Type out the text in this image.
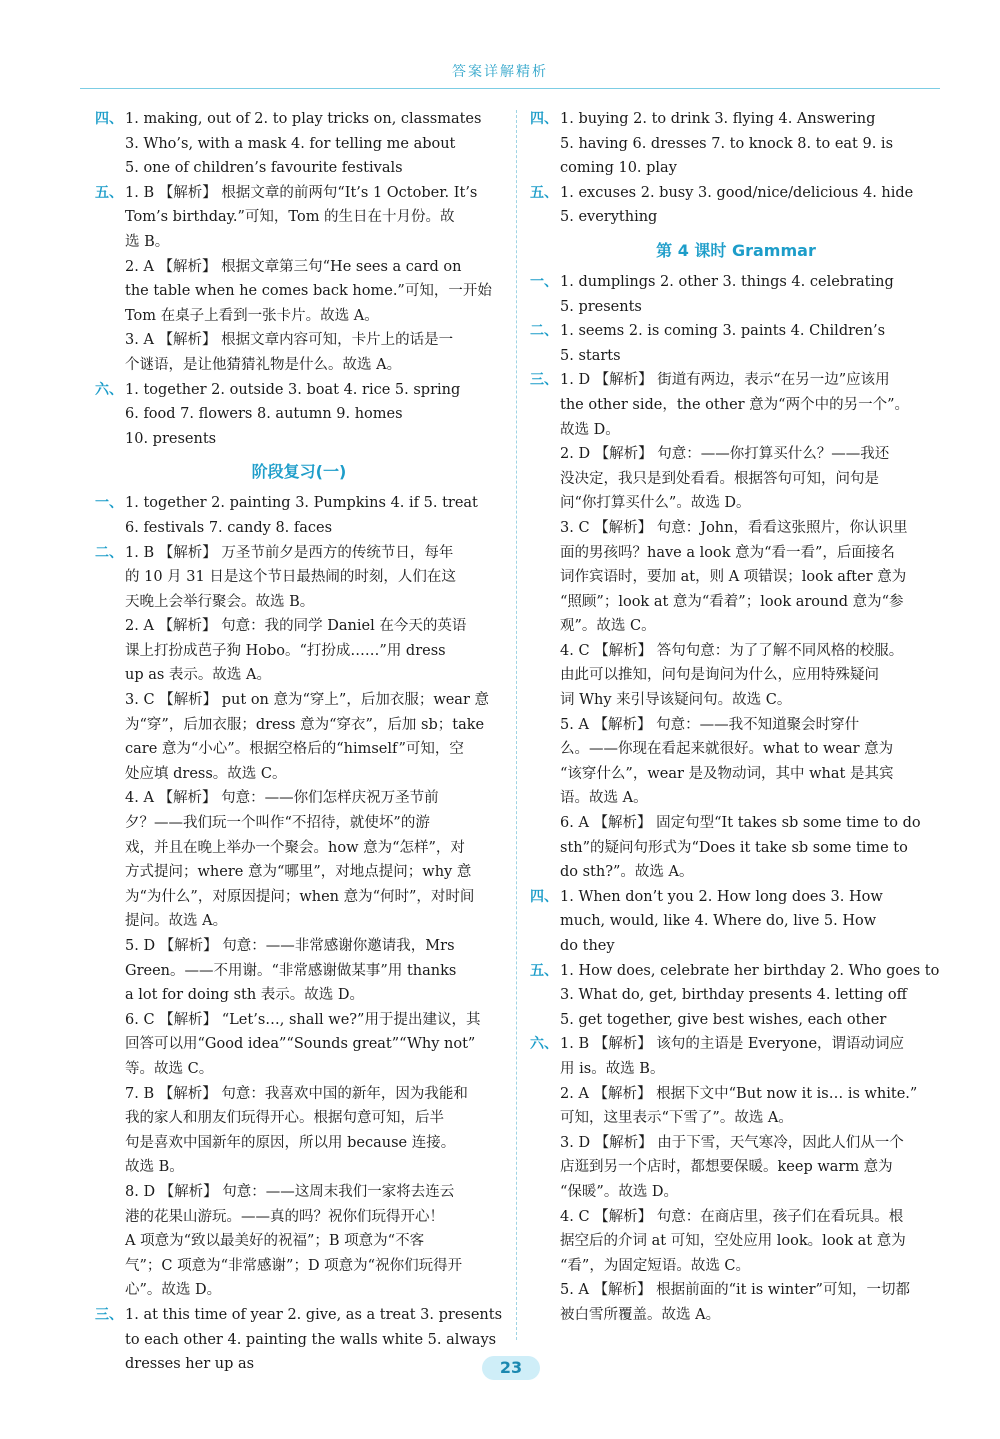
答案详解精析
四、 1. making, out of 2. to play tricks on, classmates
3. Who’s, with a mask 4. for telling me about
5. one of children’s favourite festivals
五、 1. B 【解析】 根据文章的前两句“It’s 1 October. It’s
Tom’s birthday.”可知，Tom 的生日在十月份。故
选 B。
2. A 【解析】 根据文章第三句“He sees a card on
the table when he comes back home.”可知，一开始
Tom 在桌子上看到一张卡片。故选 A。
3. A 【解析】 根据文章内容可知，卡片上的话是一
个谜语，是让他猜猜礼物是什么。故选 A。
六、 1. together 2. outside 3. boat 4. rice 5. spring
6. food 7. flowers 8. autumn 9. homes
10. presents
阶段复习(一)
一、 1. together 2. painting 3. Pumpkins 4. if 5. treat
6. festivals 7. candy 8. faces
二、 1. B 【解析】 万圣节前夕是西方的传统节日，每年
的 10 月 31 日是这个节日最热闹的时刻，人们在这
天晚上会举行聚会。故选 B。
2. A 【解析】 句意：我的同学 Daniel 在今天的英语
课上打扮成芭子狗 Hobo。“打扮成……”用 dress
up as 表示。故选 A。
3. C 【解析】 put on 意为“穿上”，后加衣服；wear 意
为“穿”，后加衣服；dress 意为“穿衣”，后加 sb；take
care 意为“小心”。根据空格后的“himself”可知，空
处应填 dress。故选 C。
4. A 【解析】 句意：——你们怎样庆祝万圣节前
夕？——我们玩一个叫作“不招待，就使坏”的游
戏，并且在晚上举办一个聚会。how 意为“怎样”，对
方式提问；where 意为“哪里”，对地点提问；why 意
为“为什么”，对原因提问；when 意为“何时”，对时间
提问。故选 A。
5. D 【解析】 句意：——非常感谢你邀请我，Mrs
Green。——不用谢。“非常感谢做某事”用 thanks
a lot for doing sth 表示。故选 D。
6. C 【解析】 “Let’s…, shall we?”用于提出建议，其
回答可以用“Good idea”“Sounds great”“Why not”
等。故选 C。
7. B 【解析】 句意：我喜欢中国的新年，因为我能和
我的家人和朋友们玩得开心。根据句意可知，后半
句是喜欢中国新年的原因，所以用 because 连接。
故选 B。
8. D 【解析】 句意：——这周末我们一家将去连云
港的花果山游玩。——真的吗？祝你们玩得开心！
A 项意为“致以最美好的祝福”；B 项意为“不客
气”；C 项意为“非常感谢”；D 项意为“祝你们玩得开
心”。故选 D。
三、 1. at this time of year 2. give, as a treat 3. presents
to each other 4. painting the walls white 5. always
dresses her up as
四、 1. buying 2. to drink 3. flying 4. Answering
5. having 6. dresses 7. to knock 8. to eat 9. is
coming 10. play
五、 1. excuses 2. busy 3. good/nice/delicious 4. hide
5. everything
第 4 课时 Grammar
一、 1. dumplings 2. other 3. things 4. celebrating
5. presents
二、 1. seems 2. is coming 3. paints 4. Children’s
5. starts
三、 1. D 【解析】 街道有两边，表示“在另一边”应该用
the other side，the other 意为“两个中的另一个”。
故选 D。
2. D 【解析】 句意：——你打算买什么？——我还
没决定，我只是到处看看。根据答句可知，问句是
问“你打算买什么”。故选 D。
3. C 【解析】 句意：John，看看这张照片，你认识里
面的男孩吗？have a look 意为“看一看”，后面接名
词作宾语时，要加 at，则 A 项错误；look after 意为
“照顾”；look at 意为“看着”；look around 意为“参
观”。故选 C。
4. C 【解析】 答句句意：为了了解不同风格的校服。
由此可以推知，问句是询问为什么，应用特殊疑问
词 Why 来引导该疑问句。故选 C。
5. A 【解析】 句意：——我不知道聚会时穿什
么。——你现在看起来就很好。what to wear 意为
“该穿什么”，wear 是及物动词，其中 what 是其宾
语。故选 A。
6. A 【解析】 固定句型“It takes sb some time to do
sth”的疑问句形式为“Does it take sb some time to
do sth?”。故选 A。
四、 1. When don’t you 2. How long does 3. How
much, would, like 4. Where do, live 5. How
do they
五、 1. How does, celebrate her birthday 2. Who goes to
3. What do, get, birthday presents 4. letting off
5. get together, give best wishes, each other
六、 1. B 【解析】 该句的主语是 Everyone，谓语动词应
用 is。故选 B。
2. A 【解析】 根据下文中“But now it is… is white.”
可知，这里表示“下雪了”。故选 A。
3. D 【解析】 由于下雪，天气寒冷，因此人们从一个
店逛到另一个店时，都想要保暖。keep warm 意为
“保暖”。故选 D。
4. C 【解析】 句意：在商店里，孩子们在看玩具。根
据空后的介词 at 可知，空处应用 look。look at 意为
“看”，为固定短语。故选 C。
5. A 【解析】 根据前面的“it is winter”可知，一切都
被白雪所覆盖。故选 A。
23
